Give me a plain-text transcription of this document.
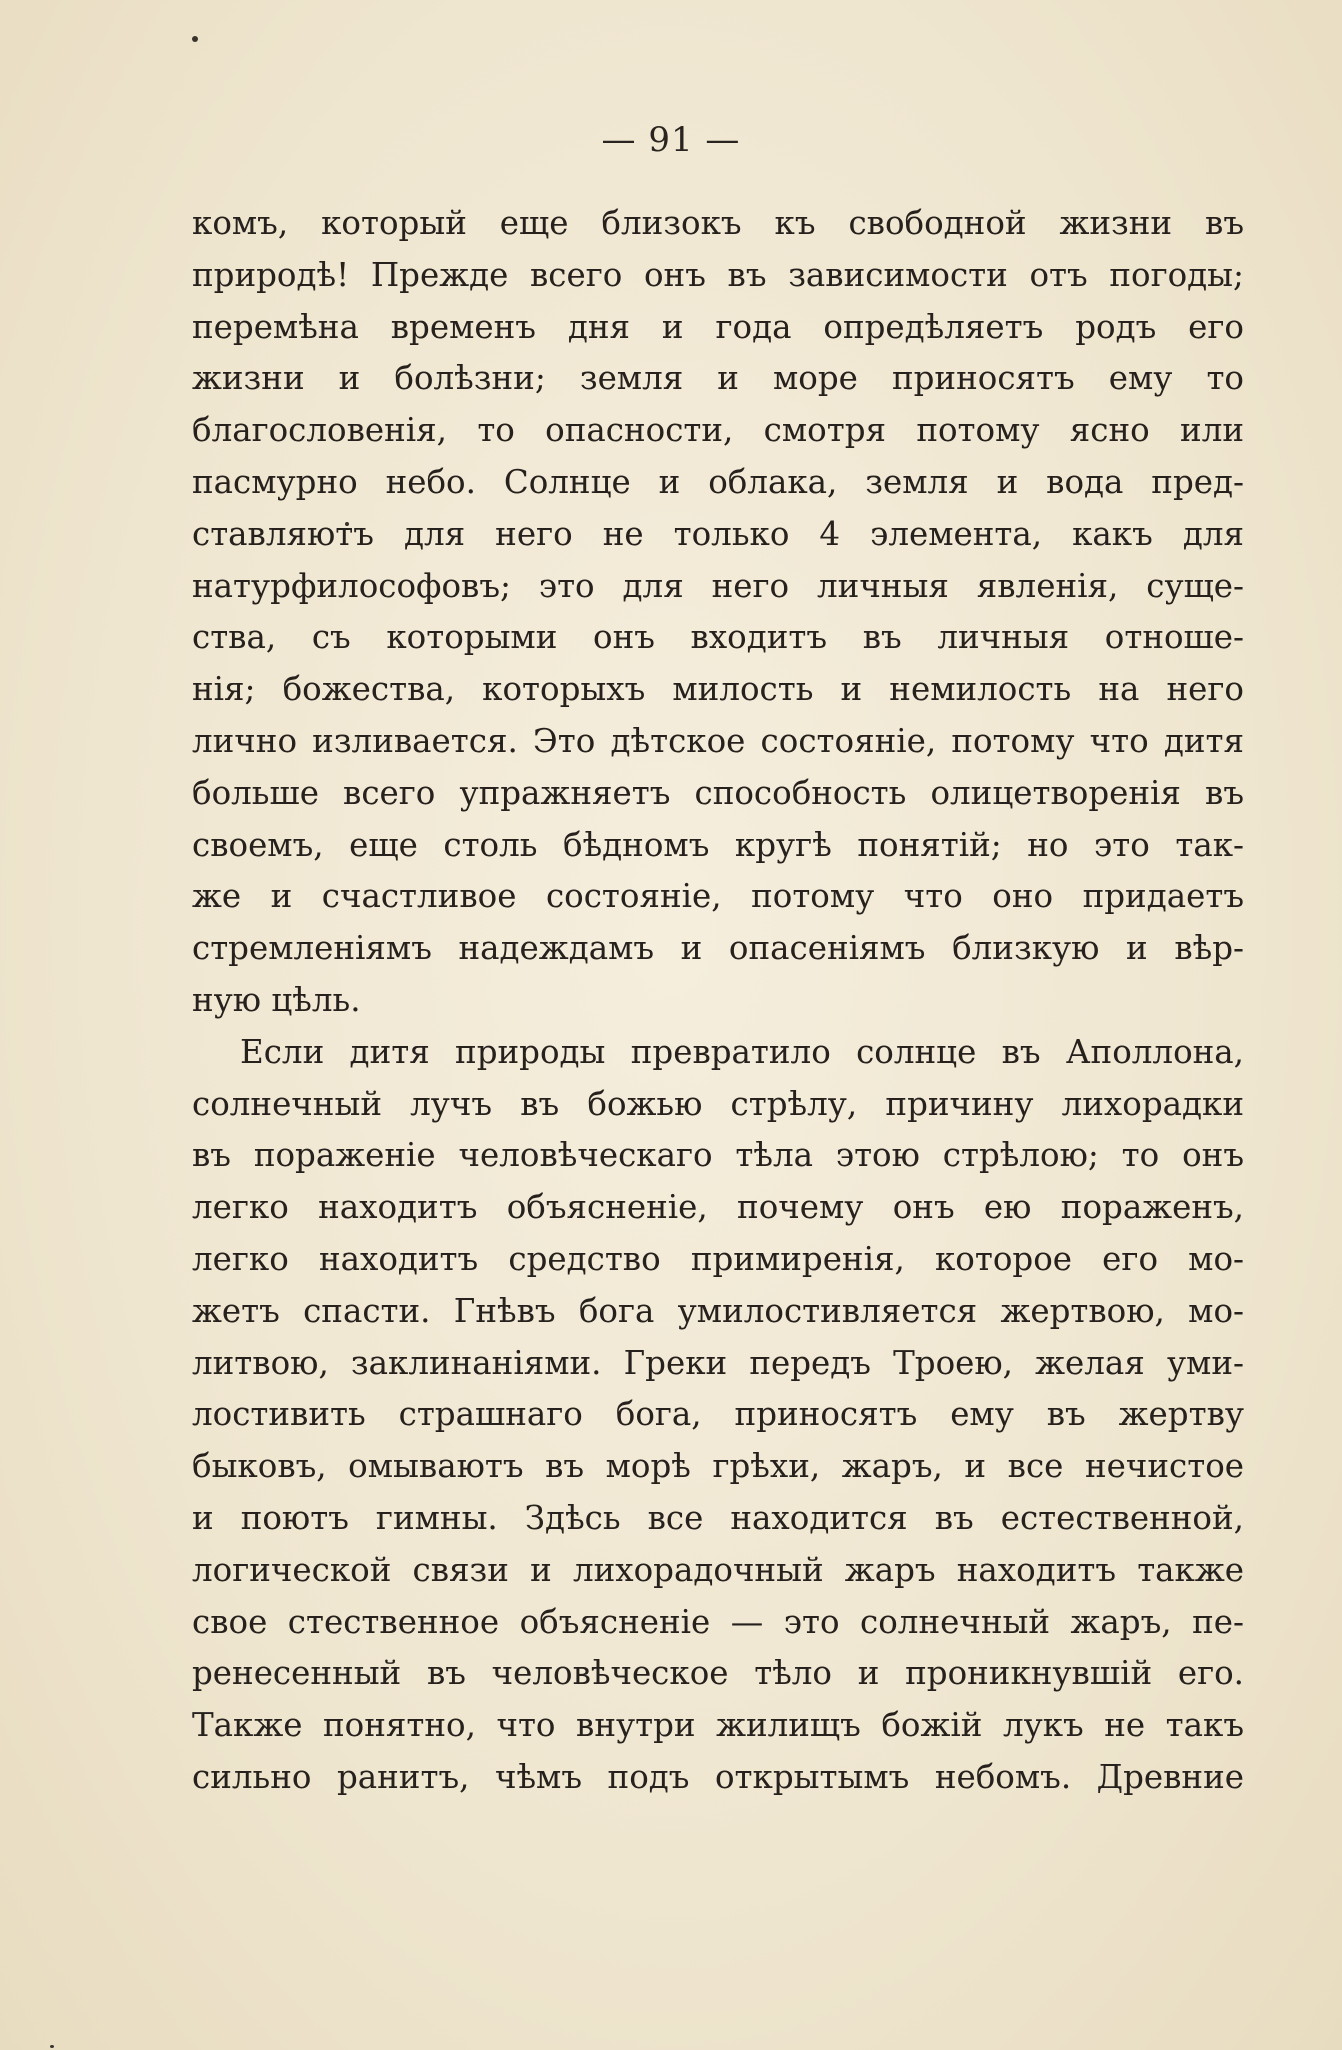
— 91 —
комъ, который еще близокъ къ свободной жизни въ
природѣ! Прежде всего онъ въ зависимости отъ погоды;
перемѣна временъ дня и года опредѣляетъ родъ его
жизни и болѣзни; земля и море приносятъ ему то
благословенія, то опасности, смотря потому ясно или
пасмурно небо. Солнце и облака, земля и вода пред-
ставляютъ для него не только 4 элемента, какъ для
натурфилософовъ; это для него личныя явленія, суще-
ства, съ которыми онъ входитъ въ личныя отноше-
нія; божества, которыхъ милость и немилость на него
лично изливается. Это дѣтское состояніе, потому что дитя
больше всего упражняетъ способность олицетворенія въ
своемъ, еще столь бѣдномъ кругѣ понятій; но это так-
же и счастливое состояніе, потому что оно придаетъ
стремленіямъ надеждамъ и опасеніямъ близкую и вѣр-
ную цѣль.
Если дитя природы превратило солнце въ Аполлона,
солнечный лучъ въ божью стрѣлу, причину лихорадки
въ пораженіе человѣческаго тѣла этою стрѣлою; то онъ
легко находитъ объясненіе, почему онъ ею пораженъ,
легко находитъ средство примиренія, которое его мо-
жетъ спасти. Гнѣвъ бога умилостивляется жертвою, мо-
литвою, заклинаніями. Греки передъ Троею, желая уми-
лостивить страшнаго бога, приносятъ ему въ жертву
быковъ, омываютъ въ морѣ грѣхи, жаръ, и все нечистое
и поютъ гимны. Здѣсь все находится въ естественной,
логической связи и лихорадочный жаръ находитъ также
свое стественное объясненіе — это солнечный жаръ, пе-
ренесенный въ человѣческое тѣло и проникнувшій его.
Также понятно, что внутри жилищъ божій лукъ не такъ
сильно ранитъ, чѣмъ подъ открытымъ небомъ. Древние
